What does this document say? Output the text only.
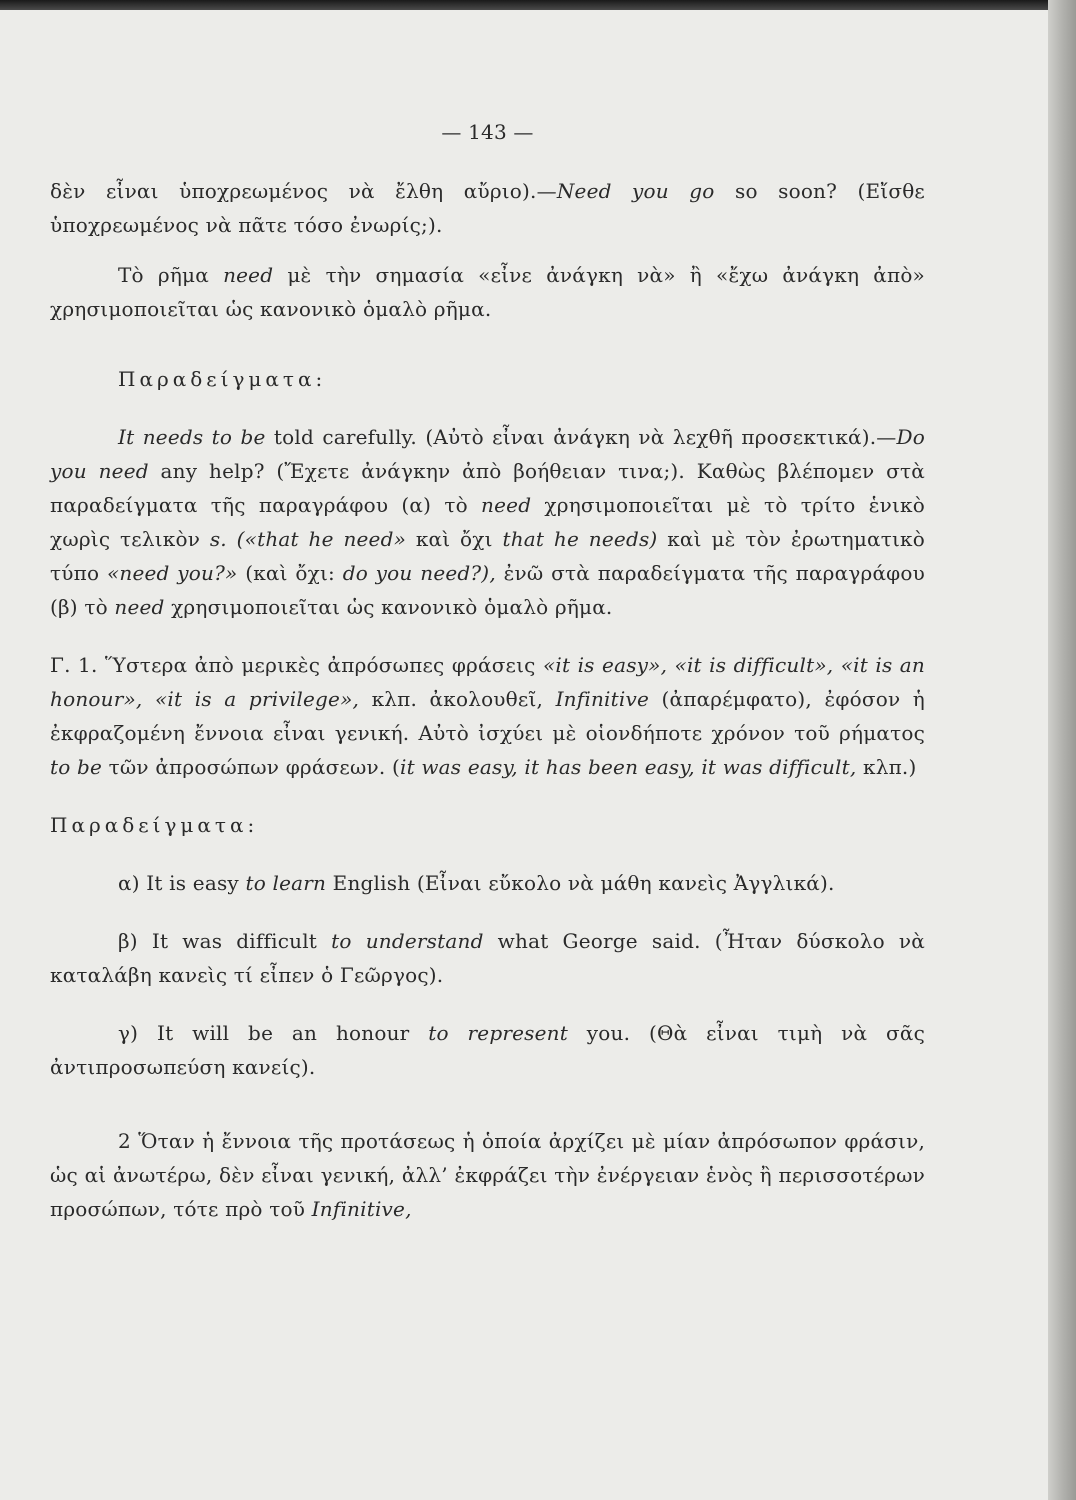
— 143 —

δὲν εἶναι ὑποχρεωμένος νὰ ἔλθη αὔριο).—Need you go so soon? (Εἴσθε ὑποχρεωμένος νὰ πᾶτε τόσο ἐνωρίς;).

Τὸ ρῆμα need μὲ τὴν σημασία «εἶνε ἀνάγκη νὰ» ἢ «ἔχω ἀνάγκη ἀπὸ» χρησιμοποιεῖται ὡς κανονικὸ ὁμαλὸ ρῆμα.

Παραδείγματα:

It needs to be told carefully. (Αὐτὸ εἶναι ἀνάγκη νὰ λεχθῆ προσεκτικά).—Do you need any help? (Ἔχετε ἀνάγκην ἀπὸ βοήθειαν τινα;). Καθὼς βλέπομεν στὰ παραδείγματα τῆς παραγράφου (α) τὸ need χρησιμοποιεῖται μὲ τὸ τρίτο ἑνικὸ χωρὶς τελικὸν s. («that he need» καὶ ὄχι that he needs) καὶ μὲ τὸν ἐρωτηματικὸ τύπο «need you?» (καὶ ὄχι: do you need?), ἐνῶ στὰ παραδείγματα τῆς παραγράφου (β) τὸ need χρησιμοποιεῖται ὡς κανονικὸ ὁμαλὸ ρῆμα.

Γ. 1. Ὕστερα ἀπὸ μερικὲς ἀπρόσωπες φράσεις «it is easy», «it is difficult», «it is an honour», «it is a privilege», κλπ. ἀκολουθεῖ, Infinitive (ἀπαρέμφατο), ἐφόσον ἡ ἐκφραζομένη ἔννοια εἶναι γενική. Αὐτὸ ἰσχύει μὲ οἱονδήποτε χρόνον τοῦ ρήματος to be τῶν ἀπροσώπων φράσεων. (it was easy, it has been easy, it was difficult, κλπ.)

Παραδείγματα:

α) It is easy to learn English (Εἶναι εὔκολο νὰ μάθη κανεὶς Ἀγγλικά).

β) It was difficult to understand what George said. (Ἦταν δύσκολο νὰ καταλάβη κανεὶς τί εἶπεν ὁ Γεῶργος).

γ) It will be an honour to represent you. (Θὰ εἶναι τιμὴ νὰ σᾶς ἀντιπροσωπεύση κανείς).

2 Ὅταν ἡ ἔννοια τῆς προτάσεως ἡ ὁποία ἀρχίζει μὲ μίαν ἀπρόσωπον φράσιν, ὡς αἱ ἀνωτέρω, δὲν εἶναι γενική, ἀλλ’ ἐκφράζει τὴν ἐνέργειαν ἑνὸς ἢ περισσοτέρων προσώπων, τότε πρὸ τοῦ Infinitive,
